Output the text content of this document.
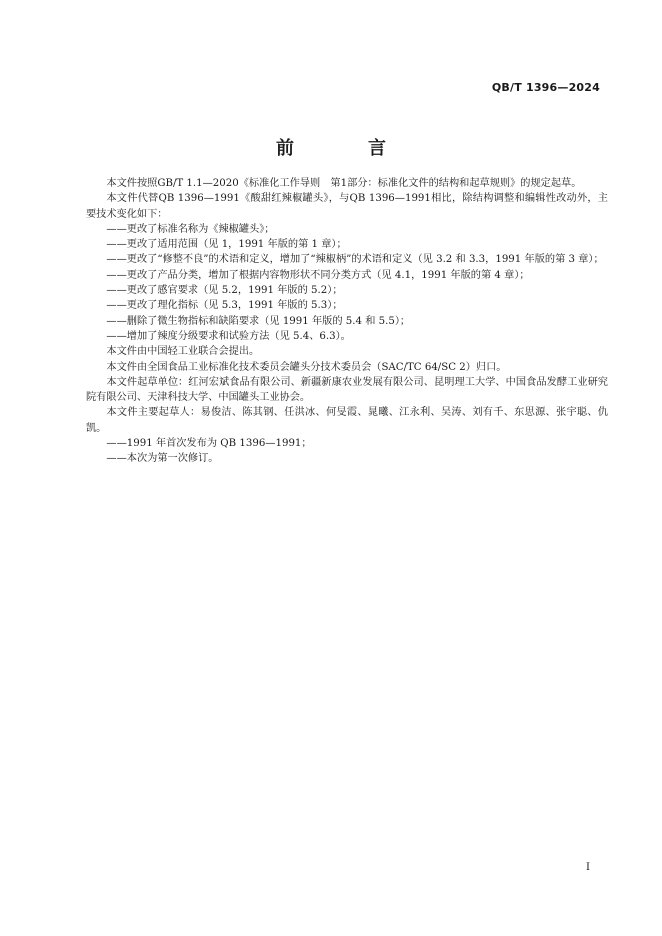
QB/T 1396—2024
前　言

本文件按照GB/T 1.1—2020《标准化工作导则　第1部分：标准化文件的结构和起草规则》的规定起草。

本文件代替QB 1396—1991《酸甜红辣椒罐头》，与QB 1396—1991相比，除结构调整和编辑性改动外，主要技术变化如下：

——更改了标准名称为《辣椒罐头》；

——更改了适用范围（见 1，1991 年版的第 1 章）；

——更改了“修整不良”的术语和定义，增加了“辣椒柄”的术语和定义（见 3.2 和 3.3，1991 年版的第 3 章）；

——更改了产品分类，增加了根据内容物形状不同分类方式（见 4.1，1991 年版的第 4 章）；

——更改了感官要求（见 5.2，1991 年版的 5.2）；

——更改了理化指标（见 5.3，1991 年版的 5.3）；

——删除了微生物指标和缺陷要求（见 1991 年版的 5.4 和 5.5）；

——增加了辣度分级要求和试验方法（见 5.4、6.3）。

本文件由中国轻工业联合会提出。

本文件由全国食品工业标准化技术委员会罐头分技术委员会（SAC/TC 64/SC 2）归口。

本文件起草单位：红河宏斌食品有限公司、新疆新康农业发展有限公司、昆明理工大学、中国食品发酵工业研究院有限公司、天津科技大学、中国罐头工业协会。

本文件主要起草人：易俊洁、陈其钢、任洪冰、何旻霞、晁曦、江永利、吴涛、刘有千、东思源、张宇聪、仇凯。

——1991 年首次发布为 QB 1396—1991；

——本次为第一次修订。

I
